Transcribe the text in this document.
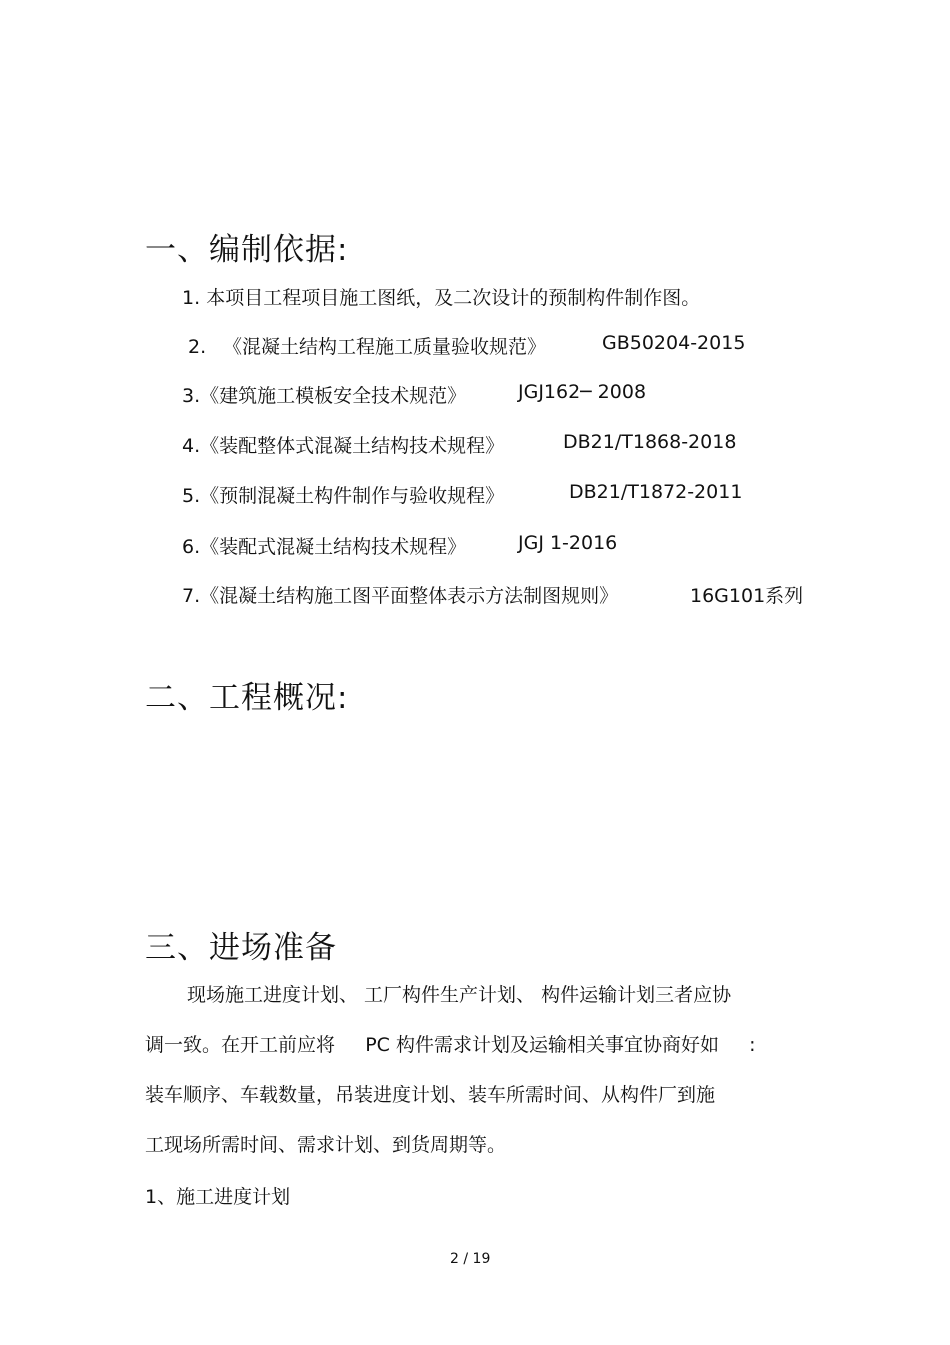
一、编制依据:
1. 本项目工程项目施工图纸，及二次设计的预制构件制作图。
2. 《混凝土结构工程施工质量验收规范》	GB50204-2015
3.《建筑施工模板安全技术规范》	JGJ162─ 2008
4.《装配整体式混凝土结构技术规程》	DB21/T1868-2018
5.《预制混凝土构件制作与验收规程》	DB21/T1872-2011
6.《装配式混凝土结构技术规程》	JGJ 1-2016
7.《混凝土结构施工图平面整体表示方法制图规则》	16G101系列
二、工程概况:
三、进场准备
现场施工进度计划、 工厂构件生产计划、 构件运输计划三者应协
调一致。在开工前应将     PC 构件需求计划及运输相关事宜协商好如     :
装车顺序、车载数量，吊装进度计划、装车所需时间、从构件厂到施
工现场所需时间、需求计划、到货周期等。
1、施工进度计划
2 / 19
